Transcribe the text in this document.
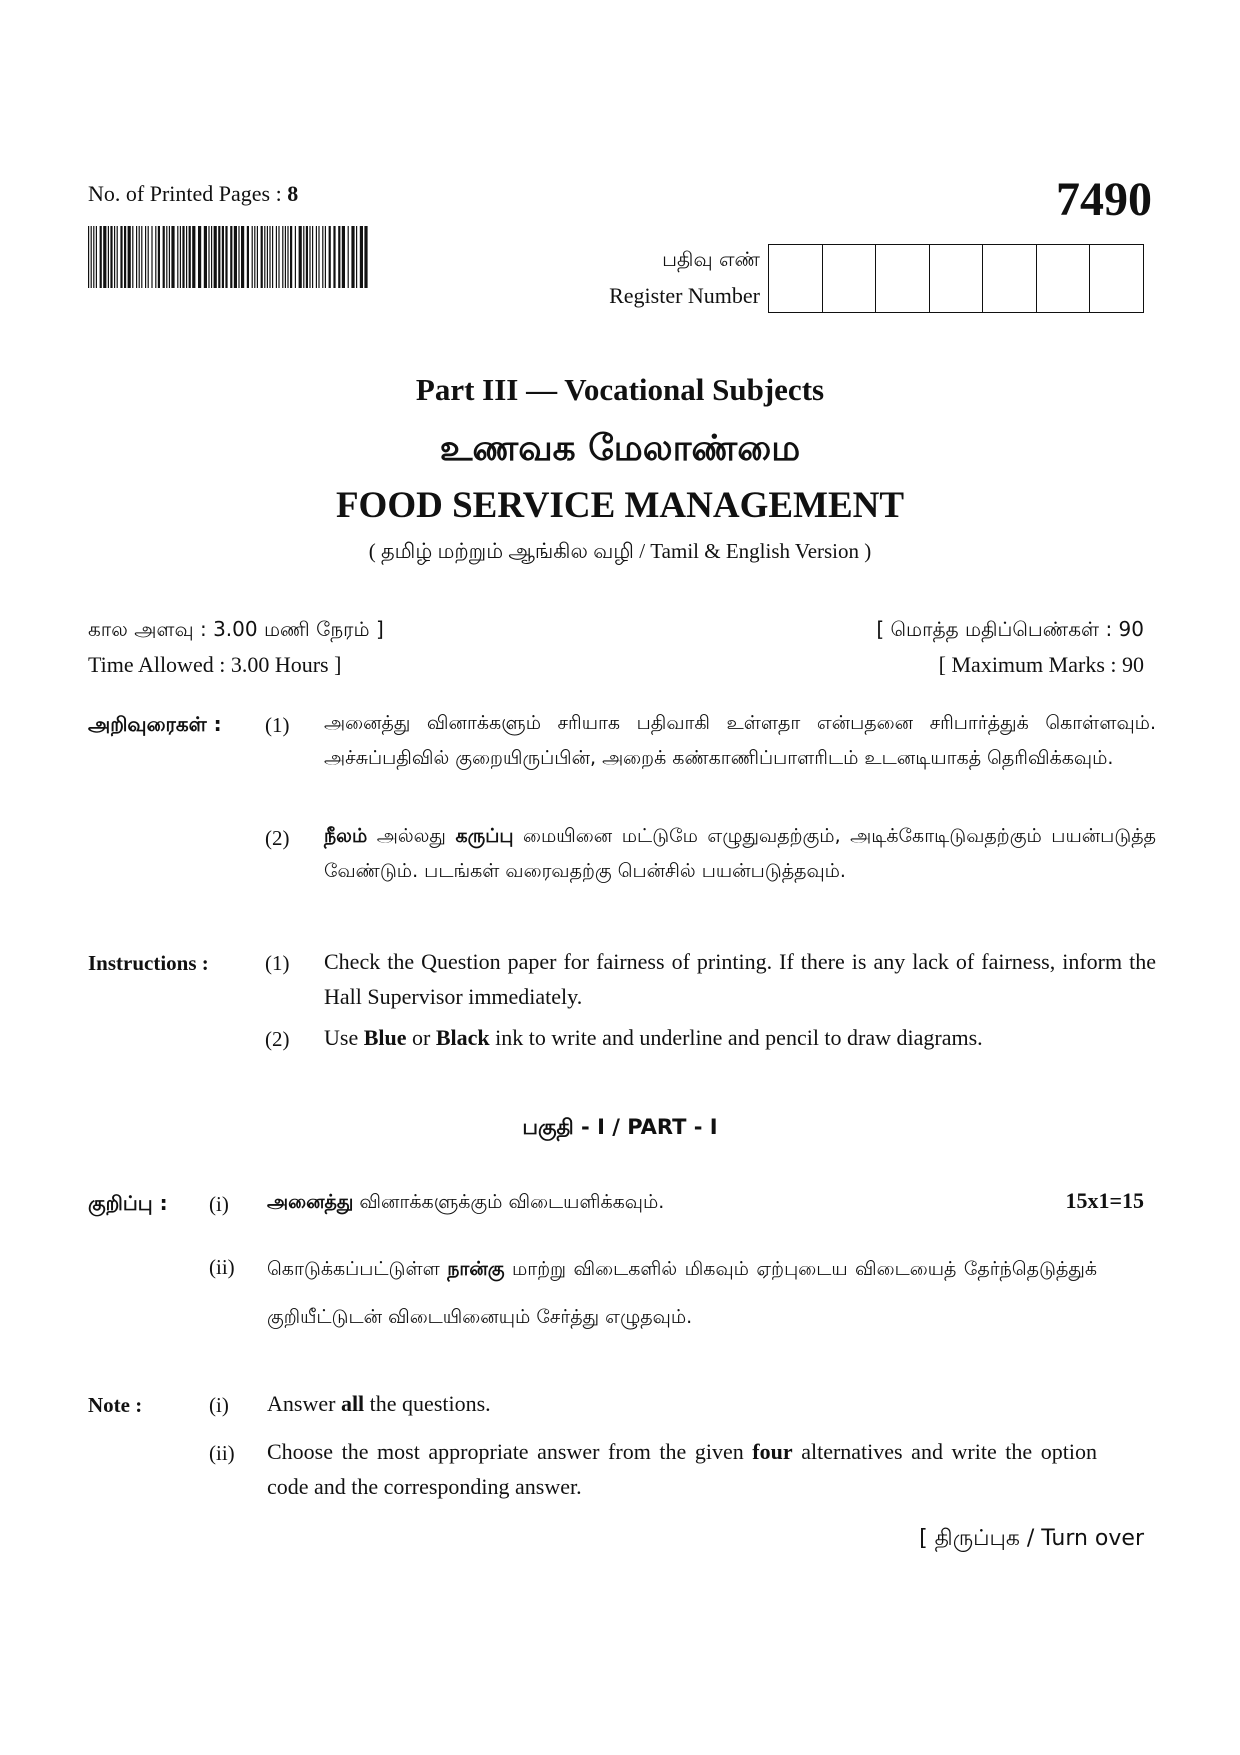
No. of Printed Pages : 8	7490
பதிவு எண்
Register Number
Part III — Vocational Subjects
உணவக மேலாண்மை
FOOD SERVICE MANAGEMENT
( தமிழ் மற்றும் ஆங்கில வழி / Tamil & English Version )
கால அளவு : 3.00 மணி நேரம் ]
Time Allowed : 3.00 Hours ]
[ மொத்த மதிப்பெண்கள் : 90
[ Maximum Marks : 90
அறிவுரைகள் : (1) அனைத்து வினாக்களும் சரியாக பதிவாகி உள்ளதா என்பதனை சரிபார்த்துக் கொள்ளவும். அச்சுப்பதிவில் குறையிருப்பின், அறைக் கண்காணிப்பாளரிடம் உடனடியாகத் தெரிவிக்கவும்.
(2) நீலம் அல்லது கருப்பு மையினை மட்டுமே எழுதுவதற்கும், அடிக்கோடிடுவதற்கும் பயன்படுத்த வேண்டும். படங்கள் வரைவதற்கு பென்சில் பயன்படுத்தவும்.
Instructions :	(1) Check the Question paper for fairness of printing. If there is any lack of fairness, inform the Hall Supervisor immediately.
(2) Use Blue or Black ink to write and underline and pencil to draw diagrams.
பகுதி - I / PART - I
குறிப்பு : (i) அனைத்து வினாக்களுக்கும் விடையளிக்கவும்.	15x1=15
(ii) கொடுக்கப்பட்டுள்ள நான்கு மாற்று விடைகளில் மிகவும் ஏற்புடைய விடையைத் தேர்ந்தெடுத்துக் குறியீட்டுடன் விடையினையும் சேர்த்து எழுதவும்.
Note :	(i) Answer all the questions.
(ii) Choose the most appropriate answer from the given four alternatives and write the option code and the corresponding answer.
[ திருப்புக / Turn over
